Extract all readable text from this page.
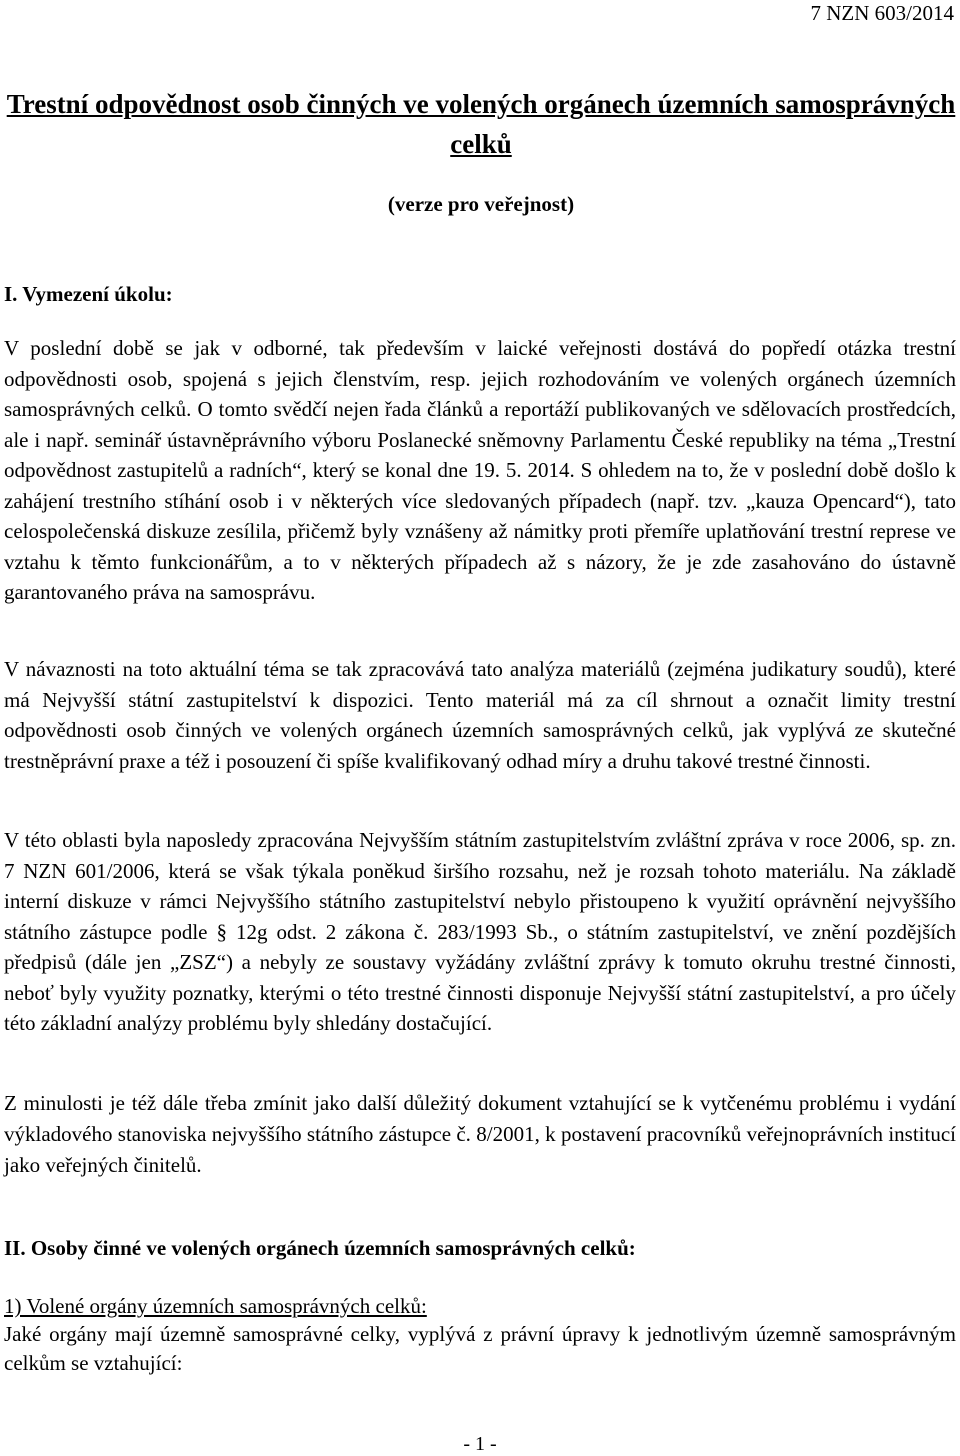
7 NZN 603/2014
Trestní odpovědnost osob činných ve volených orgánech územních samosprávných celků
(verze pro veřejnost)
I. Vymezení úkolu:
V poslední době se jak v odborné, tak především v laické veřejnosti dostává do popředí otázka trestní odpovědnosti osob, spojená s jejich členstvím, resp. jejich rozhodováním ve volených orgánech územních samosprávných celků. O tomto svědčí nejen řada článků a reportáží publikovaných ve sdělovacích prostředcích, ale i např. seminář ústavněprávního výboru Poslanecké sněmovny Parlamentu České republiky na téma „Trestní odpovědnost zastupitelů a radních“, který se konal dne 19. 5. 2014. S ohledem na to, že v poslední době došlo k zahájení trestního stíhání osob i v některých více sledovaných případech (např. tzv. „kauza Opencard“), tato celospolečenská diskuze zesílila, přičemž byly vznášeny až námitky proti přemíře uplatňování trestní represe ve vztahu k těmto funkcionářům, a to v některých případech až s názory, že je zde zasahováno do ústavně garantovaného práva na samosprávu.
V návaznosti na toto aktuální téma se tak zpracovává tato analýza materiálů (zejména judikatury soudů), které má Nejvyšší státní zastupitelství k dispozici. Tento materiál má za cíl shrnout a označit limity trestní odpovědnosti osob činných ve volených orgánech územních samosprávných celků, jak vyplývá ze skutečné trestněprávní praxe a též i posouzení či spíše kvalifikovaný odhad míry a druhu takové trestné činnosti.
V této oblasti byla naposledy zpracována Nejvyšším státním zastupitelstvím zvláštní zpráva v roce 2006, sp. zn. 7 NZN 601/2006, která se však týkala poněkud širšího rozsahu, než je rozsah tohoto materiálu. Na základě interní diskuze v rámci Nejvyššího státního zastupitelství nebylo přistoupeno k využití oprávnění nejvyššího státního zástupce podle § 12g odst. 2 zákona č. 283/1993 Sb., o státním zastupitelství, ve znění pozdějších předpisů (dále jen „ZSZ“) a nebyly ze soustavy vyžádány zvláštní zprávy k tomuto okruhu trestné činnosti, neboť byly využity poznatky, kterými o této trestné činnosti disponuje Nejvyšší státní zastupitelství, a pro účely této základní analýzy problému byly shledány dostačující.
Z minulosti je též dále třeba zmínit jako další důležitý dokument vztahující se k vytčenému problému i vydání výkladového stanoviska nejvyššího státního zástupce č. 8/2001, k postavení pracovníků veřejnoprávních institucí jako veřejných činitelů.
II. Osoby činné ve volených orgánech územních samosprávných celků:
1) Volené orgány územních samosprávných celků:
Jaké orgány mají územně samosprávné celky, vyplývá z právní úpravy k jednotlivým územně samosprávným celkům se vztahující:
- 1 -
